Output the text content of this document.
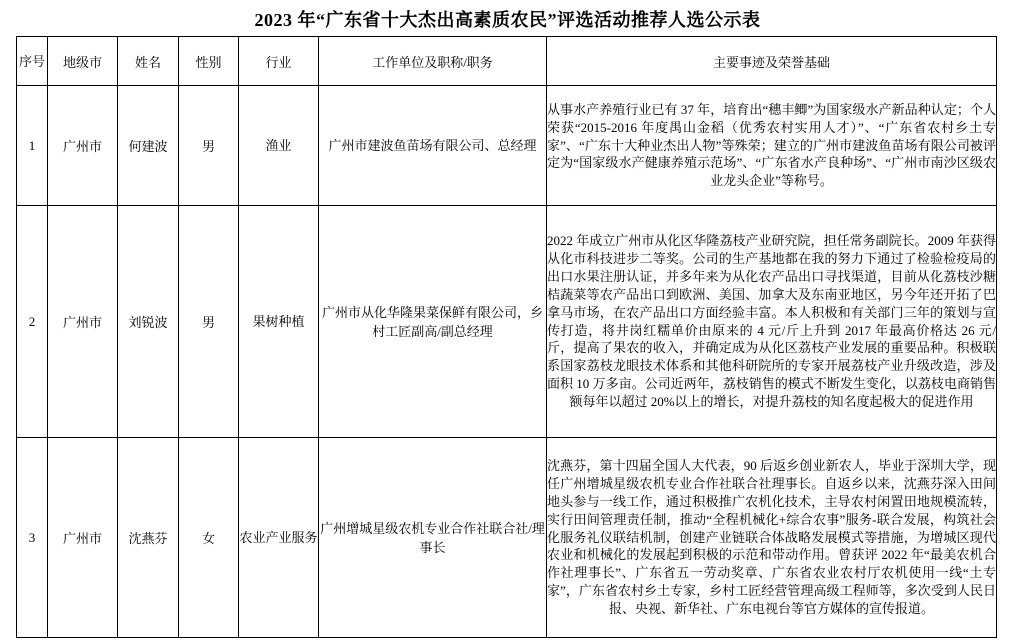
2023 年“广东省十大杰出高素质农民”评选活动推荐人选公示表
序号	地级市	姓名	性别	行业	工作单位及职称/职务	主要事迹及荣誉基础
1	广州市	何建波	男	渔业	广州市建波鱼苗场有限公司、总经理	从事水产养殖行业已有 37 年，培育出“穗丰鲫”为国家级水产新品种认定；个人荣获“2015-2016 年度禺山金稻（优秀农村实用人才）”、“广东省农村乡土专家”、“广东十大种业杰出人物”等殊荣；建立的广州市建波鱼苗场有限公司被评定为“国家级水产健康养殖示范场”、“广东省水产良种场”、“广州市南沙区级农业龙头企业”等称号。
2	广州市	刘锐波	男	果树种植	广州市从化华隆果菜保鲜有限公司，乡村工匠副高/副总经理	2022 年成立广州市从化区华隆荔枝产业研究院，担任常务副院长。2009 年获得从化市科技进步二等奖。公司的生产基地都在我的努力下通过了检验检疫局的出口水果注册认证，并多年来为从化农产品出口寻找渠道，目前从化荔枝沙糖桔蔬菜等农产品出口到欧洲、美国、加拿大及东南亚地区，另今年还开拓了巴拿马市场，在农产品出口方面经验丰富。本人积极和有关部门三年的策划与宣传打造，将井岗红糯单价由原来的 4 元/斤上升到 2017 年最高价格达 26 元/斤，提高了果农的收入，并确定成为从化区荔枝产业发展的重要品种。积极联系国家荔枝龙眼技术体系和其他科研院所的专家开展荔枝产业升级改造，涉及面积 10 万多亩。公司近两年，荔枝销售的模式不断发生变化，以荔枝电商销售额每年以超过 20%以上的增长，对提升荔枝的知名度起极大的促进作用
3	广州市	沈燕芬	女	农业产业服务	广州增城星级农机专业合作社联合社/理事长	沈燕芬，第十四届全国人大代表，90 后返乡创业新农人，毕业于深圳大学，现任广州增城星级农机专业合作社联合社理事长。自返乡以来，沈燕芬深入田间地头参与一线工作，通过积极推广农机化技术，主导农村闲置田地规模流转，实行田间管理责任制，推动“全程机械化+综合农事”服务-联合发展，构筑社会化服务礼仪联结机制，创建产业链联合体战略发展模式等措施，为增城区现代农业和机械化的发展起到积极的示范和带动作用。曾获评 2022 年“最美农机合作社理事长”、广东省五一劳动奖章、广东省农业农村厅农机使用一线“土专家”，广东省农村乡土专家，乡村工匠经营管理高级工程师等，多次受到人民日报、央视、新华社、广东电视台等官方媒体的宣传报道。
